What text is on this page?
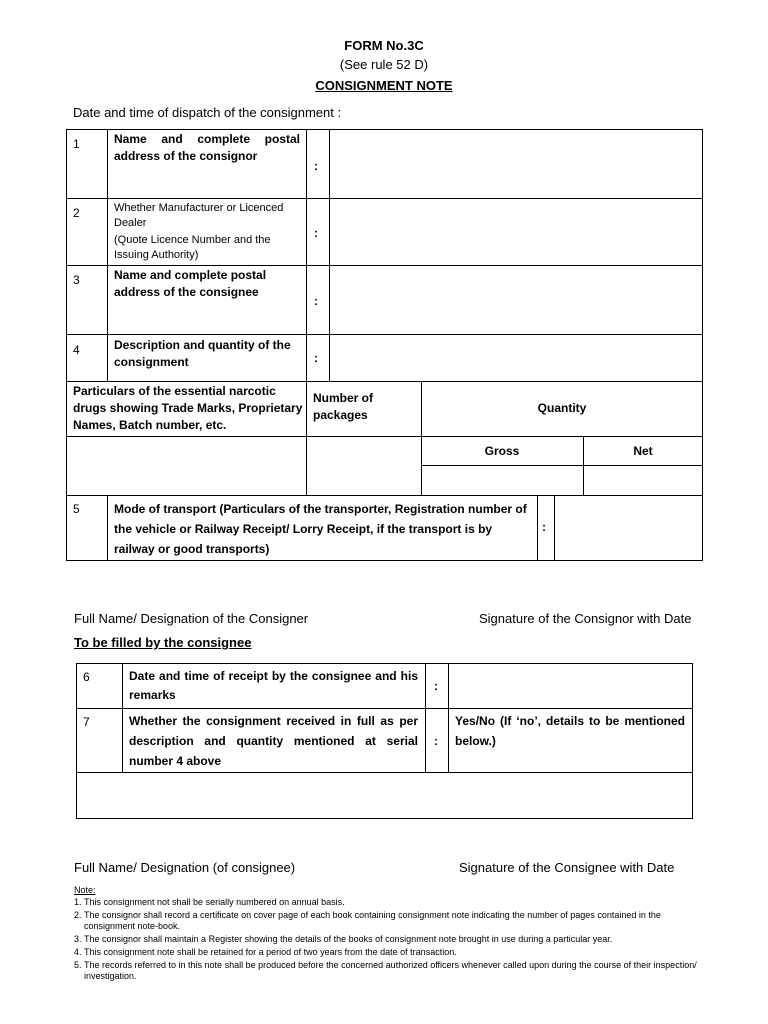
FORM No.3C
(See rule 52 D)
CONSIGNMENT NOTE
Date and time of dispatch of the consignment :
1	Name and complete postal address of the consignor
:
2	Whether Manufacturer or Licenced Dealer
(Quote Licence Number and the Issuing Authority)
:
3	Name and complete postal address of the consignee
:
4	Description and quantity of the consignment	:
Particulars of the essential narcotic drugs showing Trade Marks, Proprietary Names, Batch number, etc.
Number of packages	Quantity
Gross	Net
5	Mode of transport (Particulars of the transporter, Registration number of the vehicle or Railway Receipt/ Lorry Receipt, if the transport is by railway or good transports)
:
Full Name/ Designation of the Consigner	Signature of the Consignor with Date
To be filled by the consignee
6	Date and time of receipt by the consignee and his remarks
:
7	Whether the consignment received in full as per description and quantity mentioned at serial number 4 above
:
Yes/No (If ‘no’, details to be mentioned below.)
Full Name/ Designation (of consignee)	Signature of the Consignee with Date
Note:
1. This consignment not shall be serially numbered on annual basis.
2. The consignor shall record a certificate on cover page of each book containing consignment note indicating the number of pages contained in the consignment note-book.
3. The consignor shall maintain a Register showing the details of the books of consignment note brought in use during a particular year.
4. This consignment note shall be retained for a period of two years from the date of transaction.
5. The records referred to in this note shall be produced before the concerned authorized officers whenever called upon during the course of their inspection/ investigation.
